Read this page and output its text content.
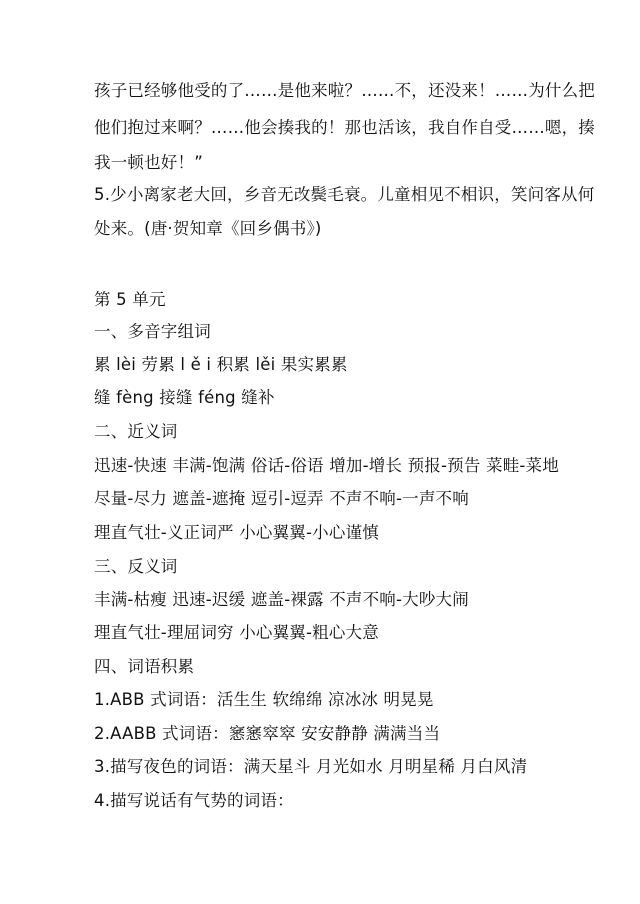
孩子已经够他受的了……是他来啦？……不，还没来！……为什么把
他们抱过来啊？……他会揍我的！那也活该，我自作自受……嗯，揍
我一顿也好！”
5.少小离家老大回，乡音无改鬓毛衰。儿童相见不相识，笑问客从何
处来。(唐·贺知章《回乡偶书》)
第 5 单元
一、多音字组词
累 lèi 劳累 l ě i 积累 lěi 果实累累
缝 fèng 接缝 féng 缝补
二、近义词
迅速-快速 丰满-饱满 俗话-俗语 增加-增长 预报-预告 菜畦-菜地
尽量-尽力 遮盖-遮掩 逗引-逗弄 不声不响-一声不响
理直气壮-义正词严 小心翼翼-小心谨慎
三、反义词
丰满-枯瘦 迅速-迟缓 遮盖-裸露 不声不响-大吵大闹
理直气壮-理屈词穷 小心翼翼-粗心大意
四、词语积累
1.ABB 式词语：活生生 软绵绵 凉冰冰 明晃晃
2.AABB 式词语：窸窸窣窣 安安静静 满满当当
3.描写夜色的词语：满天星斗 月光如水 月明星稀 月白风清
4.描写说话有气势的词语：
